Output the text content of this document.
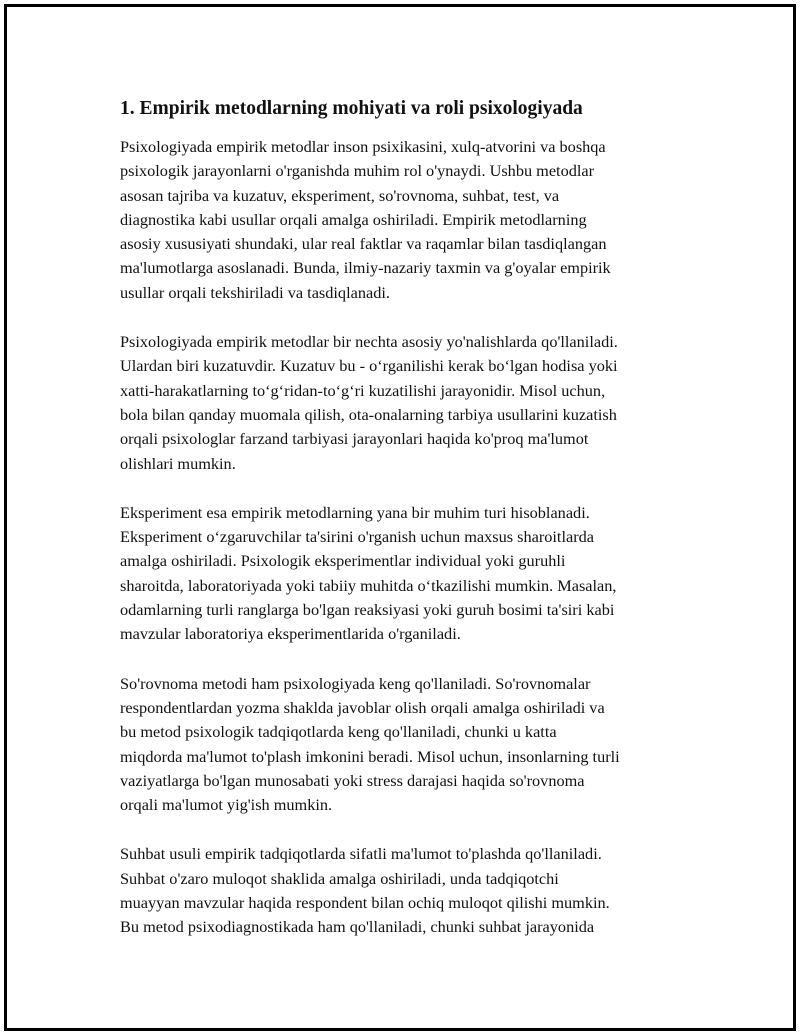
1. Empirik metodlarning mohiyati va roli psixologiyada

Psixologiyada empirik metodlar inson psixikasini, xulq-atvorini va boshqa
psixologik jarayonlarni o'rganishda muhim rol o'ynaydi. Ushbu metodlar
asosan tajriba va kuzatuv, eksperiment, so'rovnoma, suhbat, test, va
diagnostika kabi usullar orqali amalga oshiriladi. Empirik metodlarning
asosiy xususiyati shundaki, ular real faktlar va raqamlar bilan tasdiqlangan
ma'lumotlarga asoslanadi. Bunda, ilmiy-nazariy taxmin va g'oyalar empirik
usullar orqali tekshiriladi va tasdiqlanadi.

Psixologiyada empirik metodlar bir nechta asosiy yo'nalishlarda qo'llaniladi.
Ulardan biri kuzatuvdir. Kuzatuv bu - o‘rganilishi kerak bo‘lgan hodisa yoki
xatti-harakatlarning to‘g‘ridan-to‘g‘ri kuzatilishi jarayonidir. Misol uchun,
bola bilan qanday muomala qilish, ota-onalarning tarbiya usullarini kuzatish
orqali psixologlar farzand tarbiyasi jarayonlari haqida ko'proq ma'lumot
olishlari mumkin.

Eksperiment esa empirik metodlarning yana bir muhim turi hisoblanadi.
Eksperiment o‘zgaruvchilar ta'sirini o'rganish uchun maxsus sharoitlarda
amalga oshiriladi. Psixologik eksperimentlar individual yoki guruhli
sharoitda, laboratoriyada yoki tabiiy muhitda o‘tkazilishi mumkin. Masalan,
odamlarning turli ranglarga bo'lgan reaksiyasi yoki guruh bosimi ta'siri kabi
mavzular laboratoriya eksperimentlarida o'rganiladi.

So'rovnoma metodi ham psixologiyada keng qo'llaniladi. So'rovnomalar
respondentlardan yozma shaklda javoblar olish orqali amalga oshiriladi va
bu metod psixologik tadqiqotlarda keng qo'llaniladi, chunki u katta
miqdorda ma'lumot to'plash imkonini beradi. Misol uchun, insonlarning turli
vaziyatlarga bo'lgan munosabati yoki stress darajasi haqida so'rovnoma
orqali ma'lumot yig'ish mumkin.

Suhbat usuli empirik tadqiqotlarda sifatli ma'lumot to'plashda qo'llaniladi.
Suhbat o'zaro muloqot shaklida amalga oshiriladi, unda tadqiqotchi
muayyan mavzular haqida respondent bilan ochiq muloqot qilishi mumkin.
Bu metod psixodiagnostikada ham qo'llaniladi, chunki suhbat jarayonida
